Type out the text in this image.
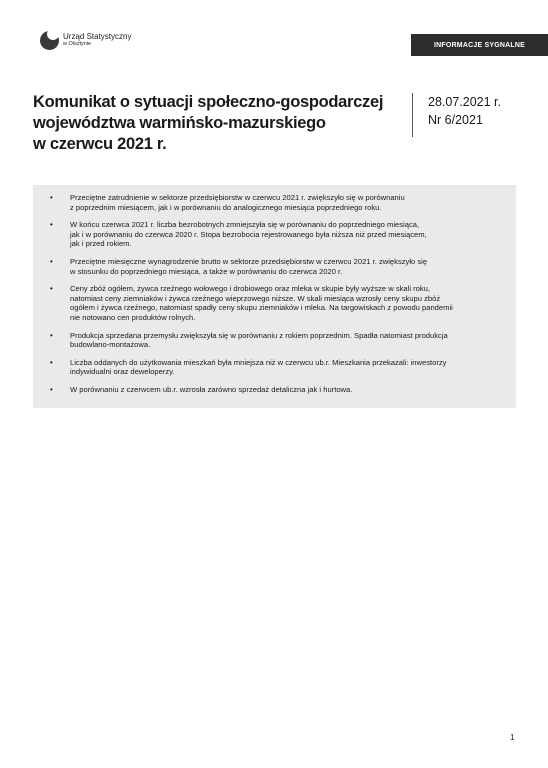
Urząd Statystyczny
w Olsztynie	INFORMACJE SYGNALNE
Komunikat o sytuacji społeczno-gospodarczej
województwa warmińsko-mazurskiego
w czerwcu 2021 r.
28.07.2021 r.
Nr 6/2021
• Przeciętne zatrudnienie w sektorze przedsiębiorstw w czerwcu 2021 r. zwiększyło się w porównaniu
z poprzednim miesiącem, jak i w porównaniu do analogicznego miesiąca poprzedniego roku.
• W końcu czerwca 2021 r. liczba bezrobotnych zmniejszyła się w porównaniu do poprzedniego miesiąca,
jak i w porównaniu do czerwca 2020 r. Stopa bezrobocia rejestrowanego była niższa niż przed miesiącem,
jak i przed rokiem.
• Przeciętne miesięczne wynagrodzenie brutto w sektorze przedsiębiorstw w czerwcu 2021 r. zwiększyło się
w stosunku do poprzedniego miesiąca, a także w porównaniu do czerwca 2020 r.
• Ceny zbóż ogółem, żywca rzeźnego wołowego i drobiowego oraz mleka w skupie były wyższe w skali roku,
natomiast ceny ziemniaków i żywca rzeźnego wieprzowego niższe. W skali miesiąca wzrosły ceny skupu zbóż
ogółem i żywca rzeźnego, natomiast spadły ceny skupu ziemniaków i mleka. Na targowiskach z powodu pandemii
nie notowano cen produktów rolnych.
• Produkcja sprzedana przemysłu zwiększyła się w porównaniu z rokiem poprzednim. Spadła natomiast produkcja
budowlano-montażowa.
• Liczba oddanych do użytkowania mieszkań była mniejsza niż w czerwcu ub.r. Mieszkania przekazali: inwestorzy
indywidualni oraz deweloperzy.
• W porównaniu z czerwcem ub.r. wzrosła zarówno sprzedaż detaliczna jak i hurtowa.
1
